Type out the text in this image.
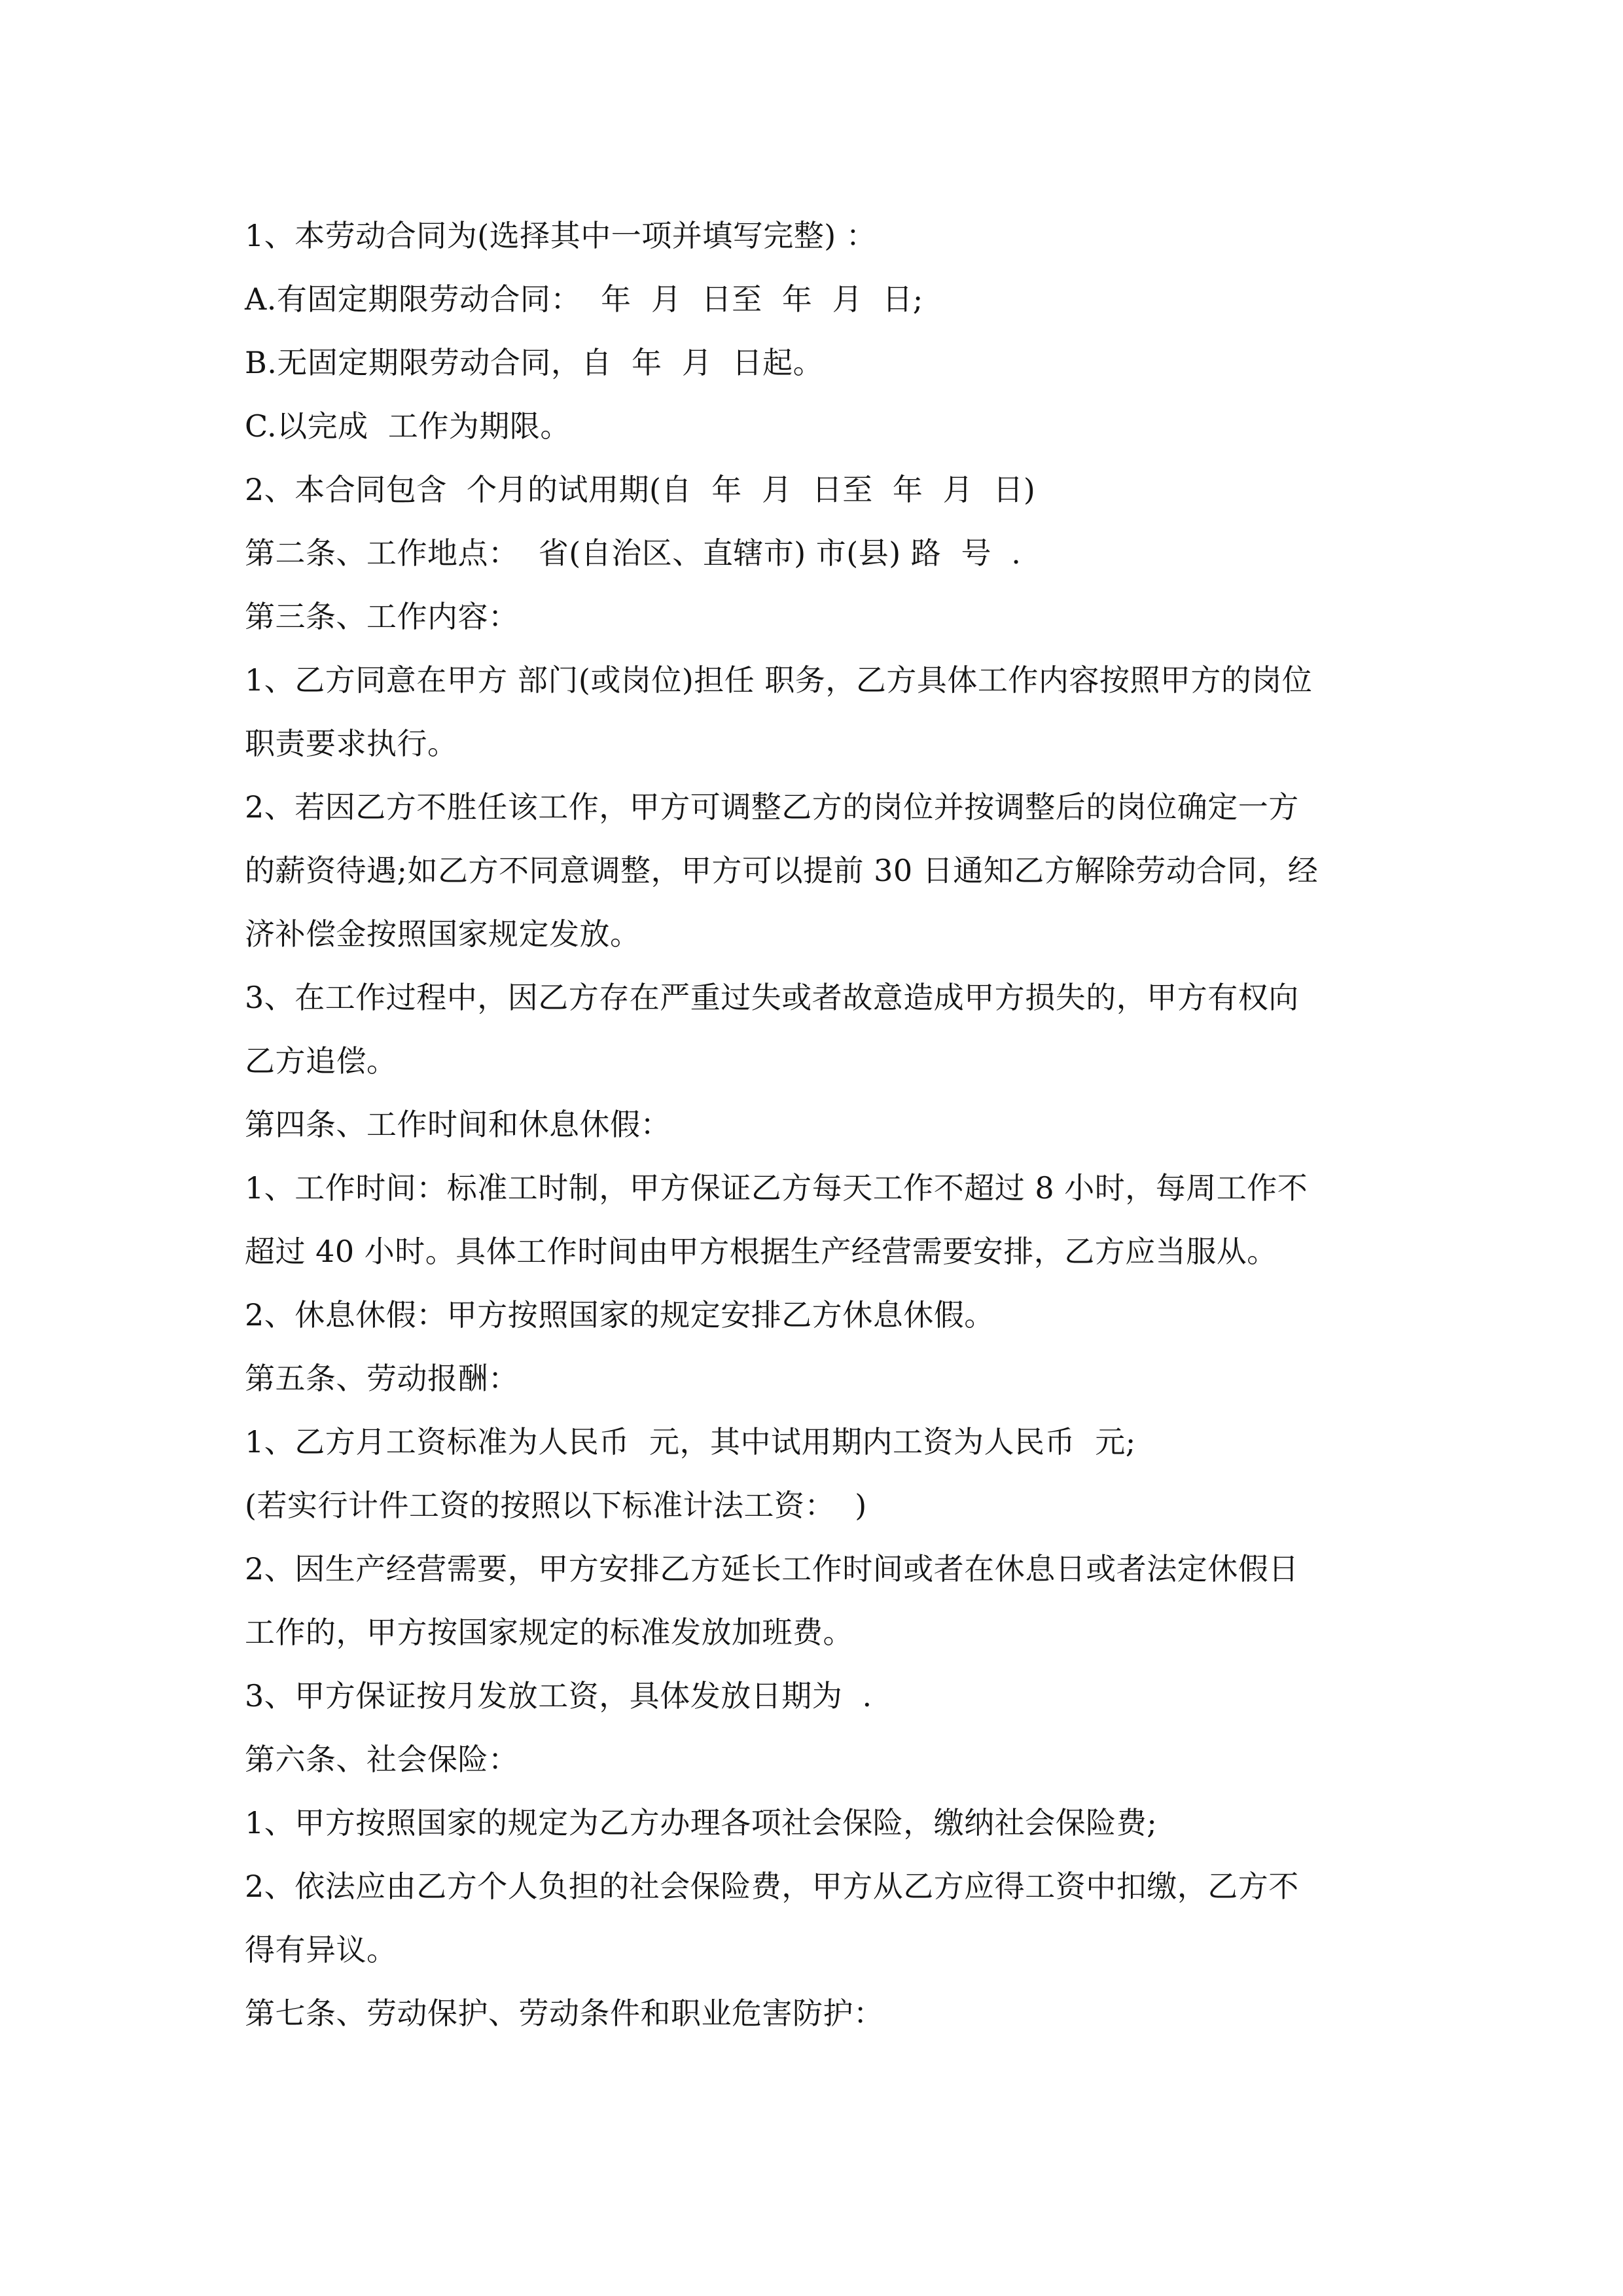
1、本劳动合同为(选择其中一项并填写完整) ：
A.有固定期限劳动合同：  年  月  日至  年  月  日;
B.无固定期限劳动合同，自  年  月  日起。
C.以完成  工作为期限。
2、本合同包含  个月的试用期(自  年  月  日至  年  月  日)
第二条、工作地点：  省(自治区、直辖市) 市(县) 路  号  .
第三条、工作内容：
1、乙方同意在甲方 部门(或岗位)担任 职务，乙方具体工作内容按照甲方的岗位
职责要求执行。
2、若因乙方不胜任该工作，甲方可调整乙方的岗位并按调整后的岗位确定一方
的薪资待遇;如乙方不同意调整，甲方可以提前 30 日通知乙方解除劳动合同，经
济补偿金按照国家规定发放。
3、在工作过程中，因乙方存在严重过失或者故意造成甲方损失的，甲方有权向
乙方追偿。
第四条、工作时间和休息休假：
1、工作时间：标准工时制，甲方保证乙方每天工作不超过 8 小时，每周工作不
超过 40 小时。具体工作时间由甲方根据生产经营需要安排，乙方应当服从。
2、休息休假：甲方按照国家的规定安排乙方休息休假。
第五条、劳动报酬：
1、乙方月工资标准为人民币  元，其中试用期内工资为人民币  元;
(若实行计件工资的按照以下标准计法工资：  )
2、因生产经营需要，甲方安排乙方延长工作时间或者在休息日或者法定休假日
工作的，甲方按国家规定的标准发放加班费。
3、甲方保证按月发放工资，具体发放日期为  .
第六条、社会保险：
1、甲方按照国家的规定为乙方办理各项社会保险，缴纳社会保险费;
2、依法应由乙方个人负担的社会保险费，甲方从乙方应得工资中扣缴，乙方不
得有异议。
第七条、劳动保护、劳动条件和职业危害防护：
